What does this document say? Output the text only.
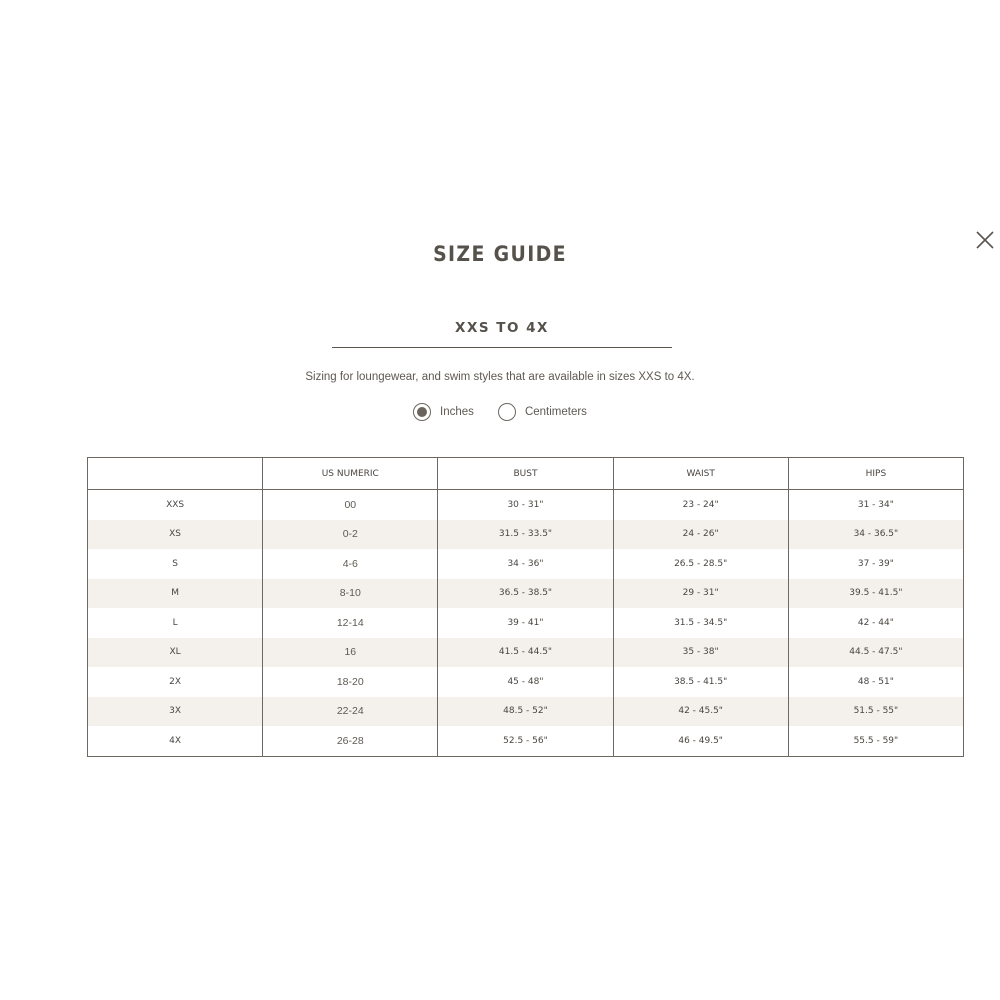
SIZE GUIDE
XXS TO 4X
Sizing for loungewear, and swim styles that are available in sizes XXS to 4X.
Inches	Centimeters
	US NUMERIC	BUST	WAIST	HIPS
XXS	00	30 - 31"	23 - 24"	31 - 34"
XS	0-2	31.5 - 33.5"	24 - 26"	34 - 36.5"
S	4-6	34 - 36"	26.5 - 28.5"	37 - 39"
M	8-10	36.5 - 38.5"	29 - 31"	39.5 - 41.5"
L	12-14	39 - 41"	31.5 - 34.5"	42 - 44"
XL	16	41.5 - 44.5"	35 - 38"	44.5 - 47.5"
2X	18-20	45 - 48"	38.5 - 41.5"	48 - 51"
3X	22-24	48.5 - 52"	42 - 45.5"	51.5 - 55"
4X	26-28	52.5 - 56"	46 - 49.5"	55.5 - 59"
